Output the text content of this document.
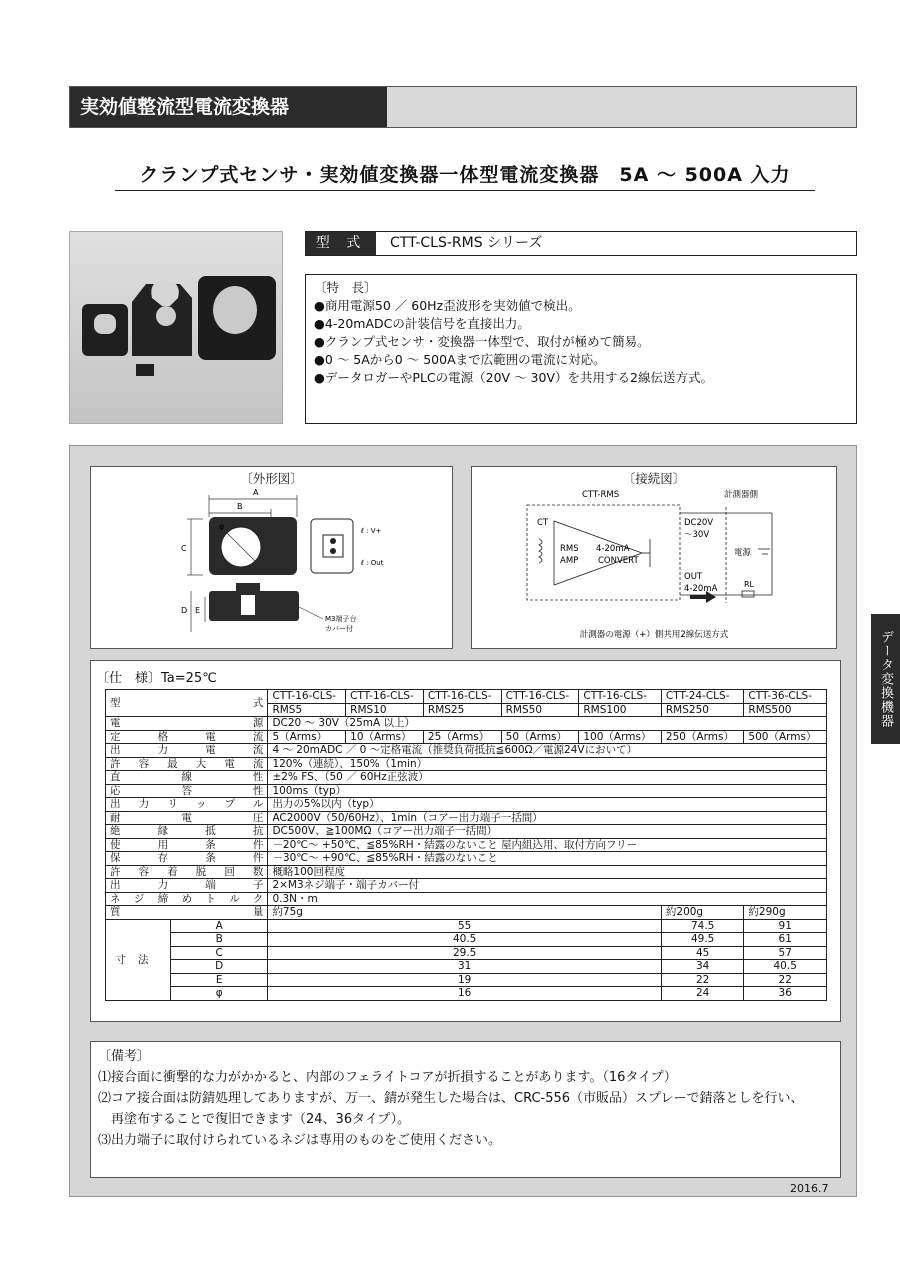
実効値整流型電流変換器
クランプ式センサ・実効値変換器一体型電流変換器　5A ～ 500A 入力
型 式	CTT-CLS-RMS シリーズ
〔特　長〕
●商用電源50 ／ 60Hz歪波形を実効値で検出。
●4-20mADCの計装信号を直接出力。
●クランプ式センサ・変換器一体型で、取付が極めて簡易。
●0 ～ 5Aから0 ～ 500Aまで広範囲の電流に対応。
●データロガーやPLCの電源（20V ～ 30V）を共用する2線伝送方式。
〔外形図〕
A
B
C
D E
φ	ℓ : V+
ℓ : Out
M3端子台
カバー付
〔接続図〕
CTT-RMS	計測器側
CT
RMS
AMP
4-20mA
CONVERT
DC20V
～30V
OUT
4-20mA
電源
RL
計測器の電源（+）側共用2線伝送方式
〔仕　様〕Ta=25℃
型式		CTT-16-CLS-	CTT-16-CLS-	CTT-16-CLS-	CTT-16-CLS-	CTT-16-CLS-	CTT-24-CLS-	CTT-36-CLS-
		RMS5	RMS10	RMS25	RMS50	RMS100	RMS250	RMS500
電源		DC20 ～ 30V（25mA 以上）						
定格電流		5（Arms）	10（Arms）	25（Arms）	50（Arms）	100（Arms）	250（Arms）	500（Arms）
出力電流		4 ～ 20mADC ／ 0 ～定格電流（推奨負荷抵抗≦600Ω／電源24Vにおいて）						
許容最大電流		120%（連続）、150%（1min）						
直線性		±2% FS、（50 ／ 60Hz正弦波）						
応答性		100ms（typ）						
出力リップル		出力の5%以内（typ）						
耐電圧		AC2000V（50/60Hz）、1min（コアー出力端子一括間）						
絶縁抵抗		DC500V、≧100MΩ（コアー出力端子一括間）						
使用条件		－20℃～ +50℃、≦85%RH・結露のないこと 屋内組込用、取付方向フリー						
保存条件		－30℃～ +90℃、≦85%RH・結露のないこと						
許容着脱回数		概略100回程度						
出力端子		2×M3ネジ端子・端子カバー付						
ネジ締めトルク		0.3N・m						
質量		約75g					約200g	約290g
寸法	A	55					74.5	91
	B	40.5					49.5	61
	C	29.5					45	57
	D	31					34	40.5
	E	19					22	22
	φ	16					24	36
〔備考〕
⑴接合面に衝撃的な力がかかると、内部のフェライトコアが折損することがあります。（16タイプ）
⑵コア接合面は防錆処理してありますが、万一、錆が発生した場合は、CRC-556（市販品）スプレーで錆落としを行い、
　再塗布することで復旧できます（24、36タイプ）。
⑶出力端子に取付けられているネジは専用のものをご使用ください。
2016.7
データ変換機器
